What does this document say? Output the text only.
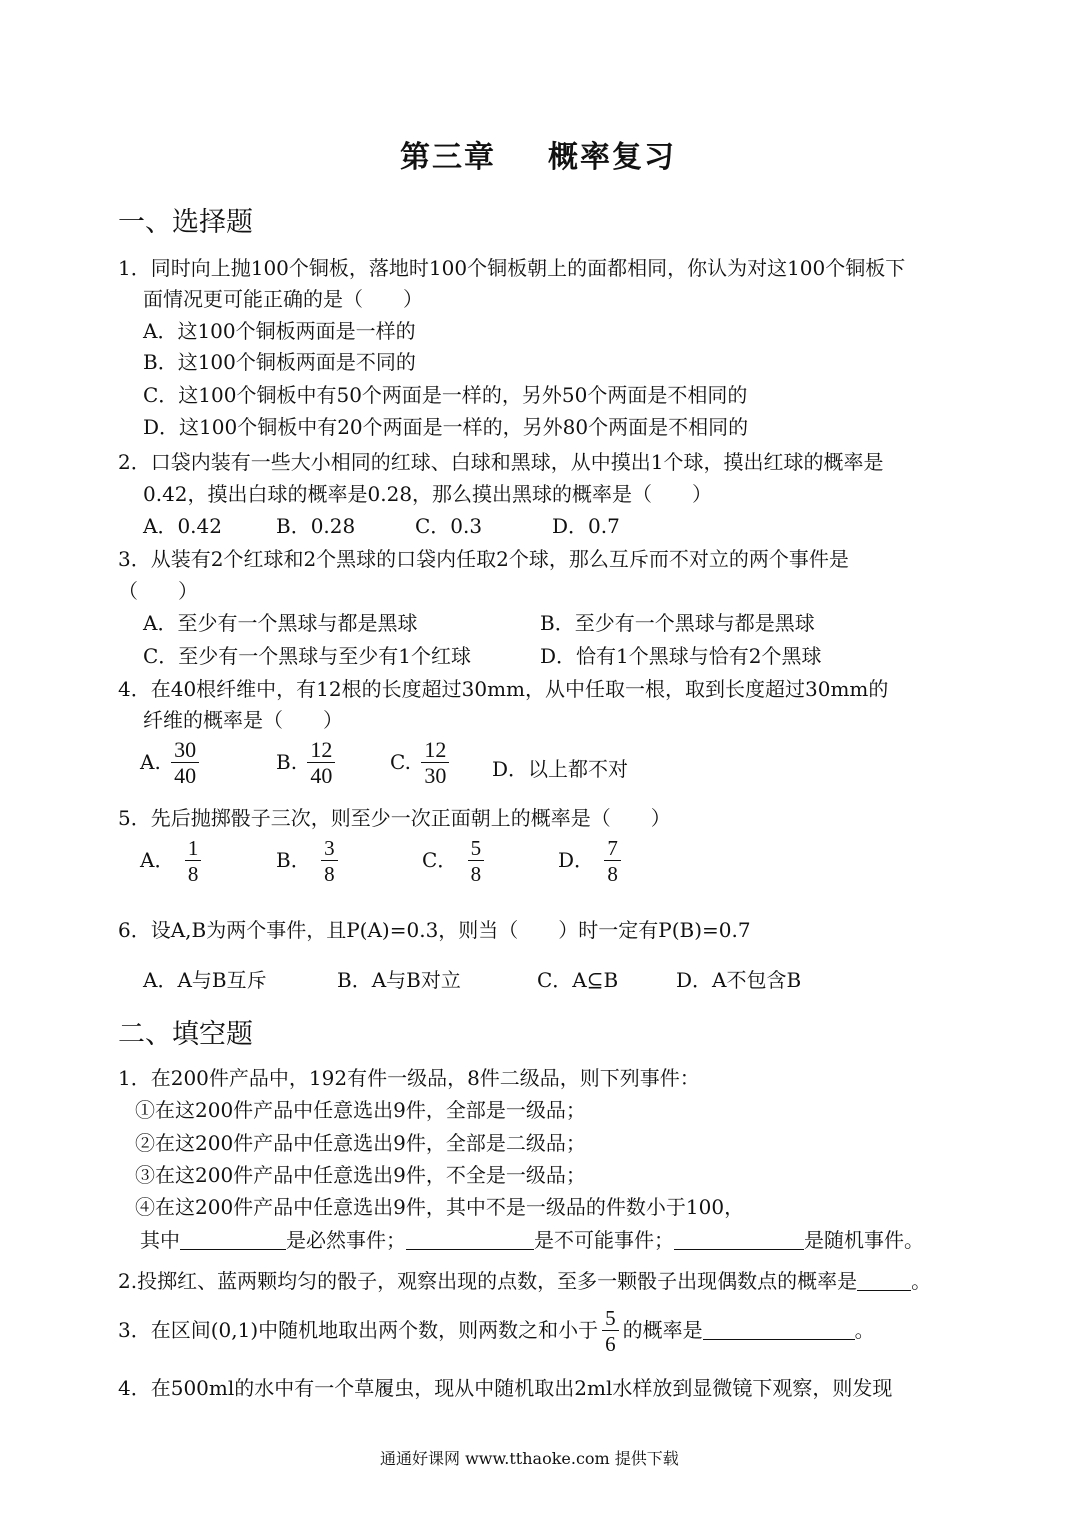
第三章 概率复习
一、选择题
1．同时向上抛100个铜板，落地时100个铜板朝上的面都相同，你认为对这100个铜板下
面情况更可能正确的是（　　）
A．这100个铜板两面是一样的
B．这100个铜板两面是不同的
C．这100个铜板中有50个两面是一样的，另外50个两面是不相同的
D．这100个铜板中有20个两面是一样的，另外80个两面是不相同的
2．口袋内装有一些大小相同的红球、白球和黑球，从中摸出1个球，摸出红球的概率是
0.42，摸出白球的概率是0.28，那么摸出黑球的概率是（　　）
A．0.42	B．0.28	C．0.3	D．0.7
3．从装有2个红球和2个黑球的口袋内任取2个球，那么互斥而不对立的两个事件是
（　　）
A．至少有一个黑球与都是黑球	B．至少有一个黑球与都是黑球
C．至少有一个黑球与至少有1个红球	D．恰有1个黑球与恰有2个黑球
4．在40根纤维中，有12根的长度超过30mm，从中任取一根，取到长度超过30mm的
纤维的概率是（　　）
A. $\frac{30}{40}$	B. $\frac{12}{40}$	C. $\frac{12}{30}$ D．以上都不对
5．先后抛掷骰子三次，则至少一次正面朝上的概率是（　　）
A． $\frac{1}{8}$	B． $\frac{3}{8}$	C． $\frac{5}{8}$	D． $\frac{7}{8}$
6．设A,B为两个事件，且P(A)=0.3，则当（　　）时一定有P(B)=0.7
A．A与B互斥	B．A与B对立	C．A⊆B	D．A不包含B
二、填空题
1．在200件产品中，192有件一级品，8件二级品，则下列事件：
①在这200件产品中任意选出9件，全部是一级品；
②在这200件产品中任意选出9件，全部是二级品；
③在这200件产品中任意选出9件，不全是一级品；
④在这200件产品中任意选出9件，其中不是一级品的件数小于100，
其中	是必然事件；	是不可能事件；	是随机事件。
2.投掷红、蓝两颗均匀的骰子，观察出现的点数，至多一颗骰子出现偶数点的概率是	。
3．在区间(0,1)中随机地取出两个数，则两数之和小于 $\frac{5}{6}$ 的概率是	。
4．在500ml的水中有一个草履虫，现从中随机取出2ml水样放到显微镜下观察，则发现
通通好课网 www.tthaoke.com 提供下载
